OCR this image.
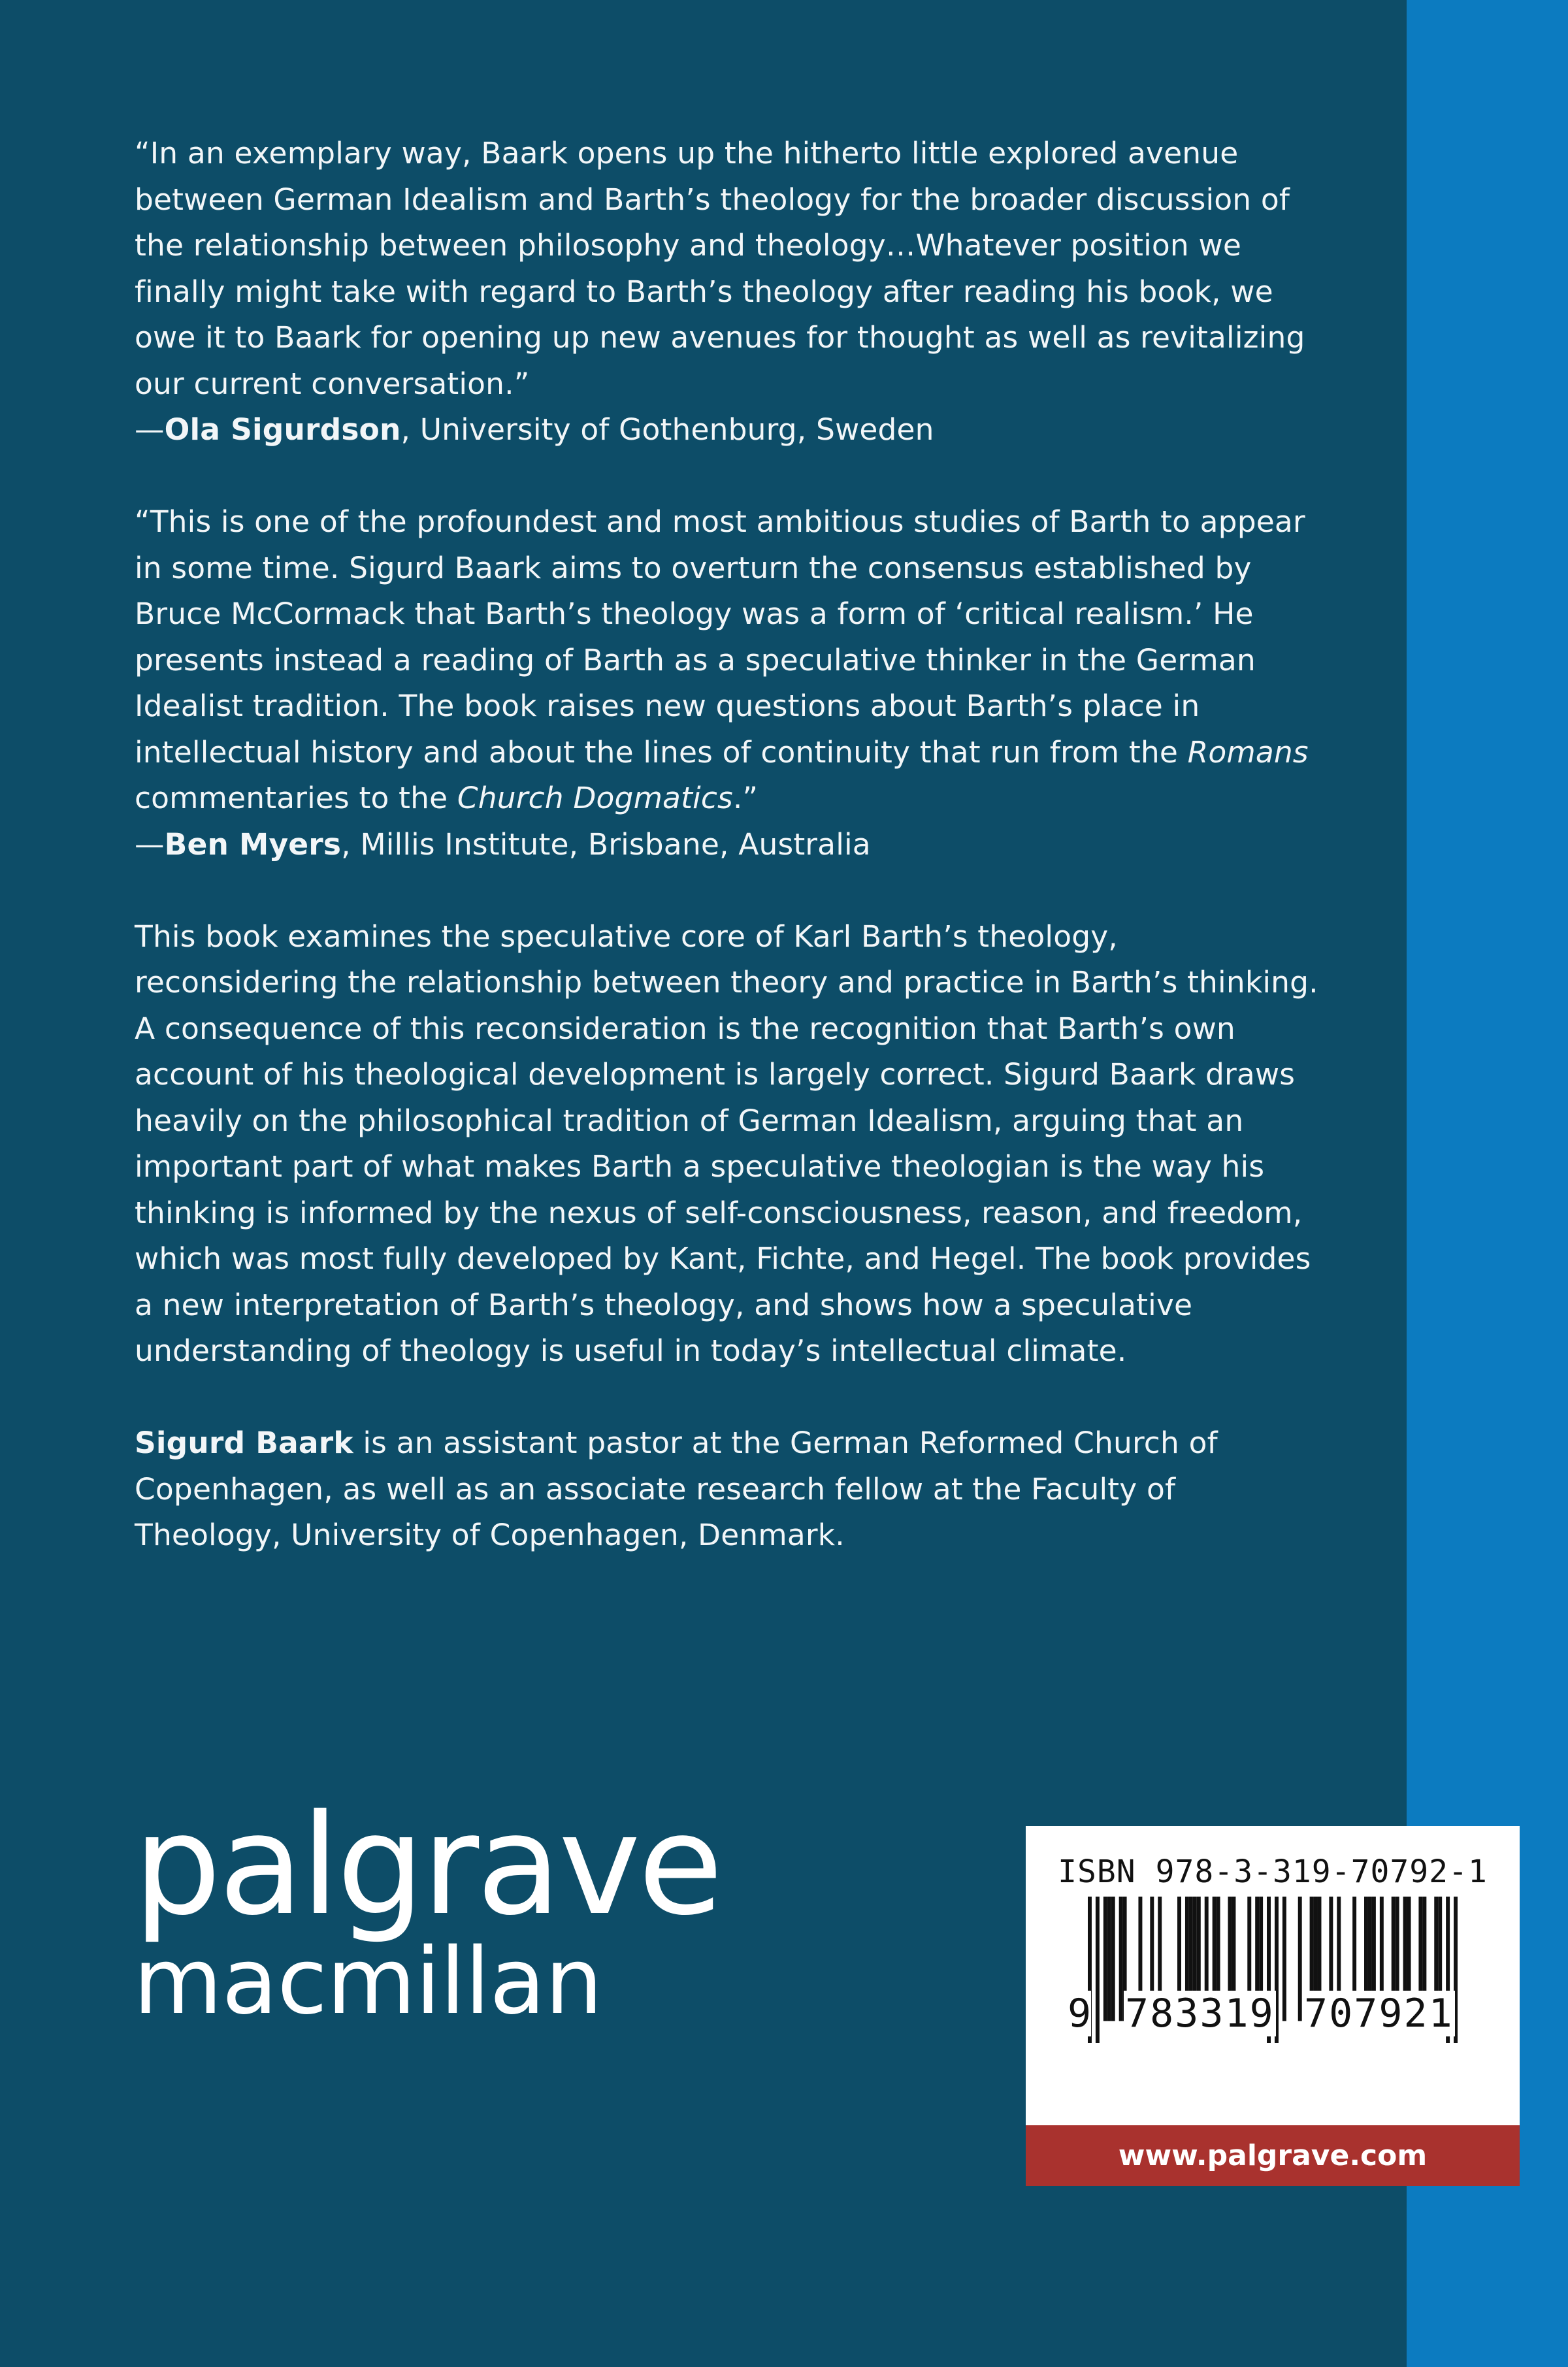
“In an exemplary way, Baark opens up the hitherto little explored avenue between German Idealism and Barth’s theology for the broader discussion of the relationship between philosophy and theology…Whatever position we finally might take with regard to Barth’s theology after reading his book, we owe it to Baark for opening up new avenues for thought as well as revitalizing our current conversation.”
—Ola Sigurdson, University of Gothenburg, Sweden

“This is one of the profoundest and most ambitious studies of Barth to appear in some time. Sigurd Baark aims to overturn the consensus established by Bruce McCormack that Barth’s theology was a form of ‘critical realism.’ He presents instead a reading of Barth as a speculative thinker in the German Idealist tradition. The book raises new questions about Barth’s place in intellectual history and about the lines of continuity that run from the Romans commentaries to the Church Dogmatics.”
—Ben Myers, Millis Institute, Brisbane, Australia

This book examines the speculative core of Karl Barth’s theology, reconsidering the relationship between theory and practice in Barth’s thinking. A consequence of this reconsideration is the recognition that Barth’s own account of his theological development is largely correct. Sigurd Baark draws heavily on the philosophical tradition of German Idealism, arguing that an important part of what makes Barth a speculative theologian is the way his thinking is informed by the nexus of self-consciousness, reason, and freedom, which was most fully developed by Kant, Fichte, and Hegel. The book provides a new interpretation of Barth’s theology, and shows how a speculative understanding of theology is useful in today’s intellectual climate.

Sigurd Baark is an assistant pastor at the German Reformed Church of Copenhagen, as well as an associate research fellow at the Faculty of Theology, University of Copenhagen, Denmark.

palgrave
macmillan
ISBN 978-3-319-70792-1
9 783319 707921
www.palgrave.com
